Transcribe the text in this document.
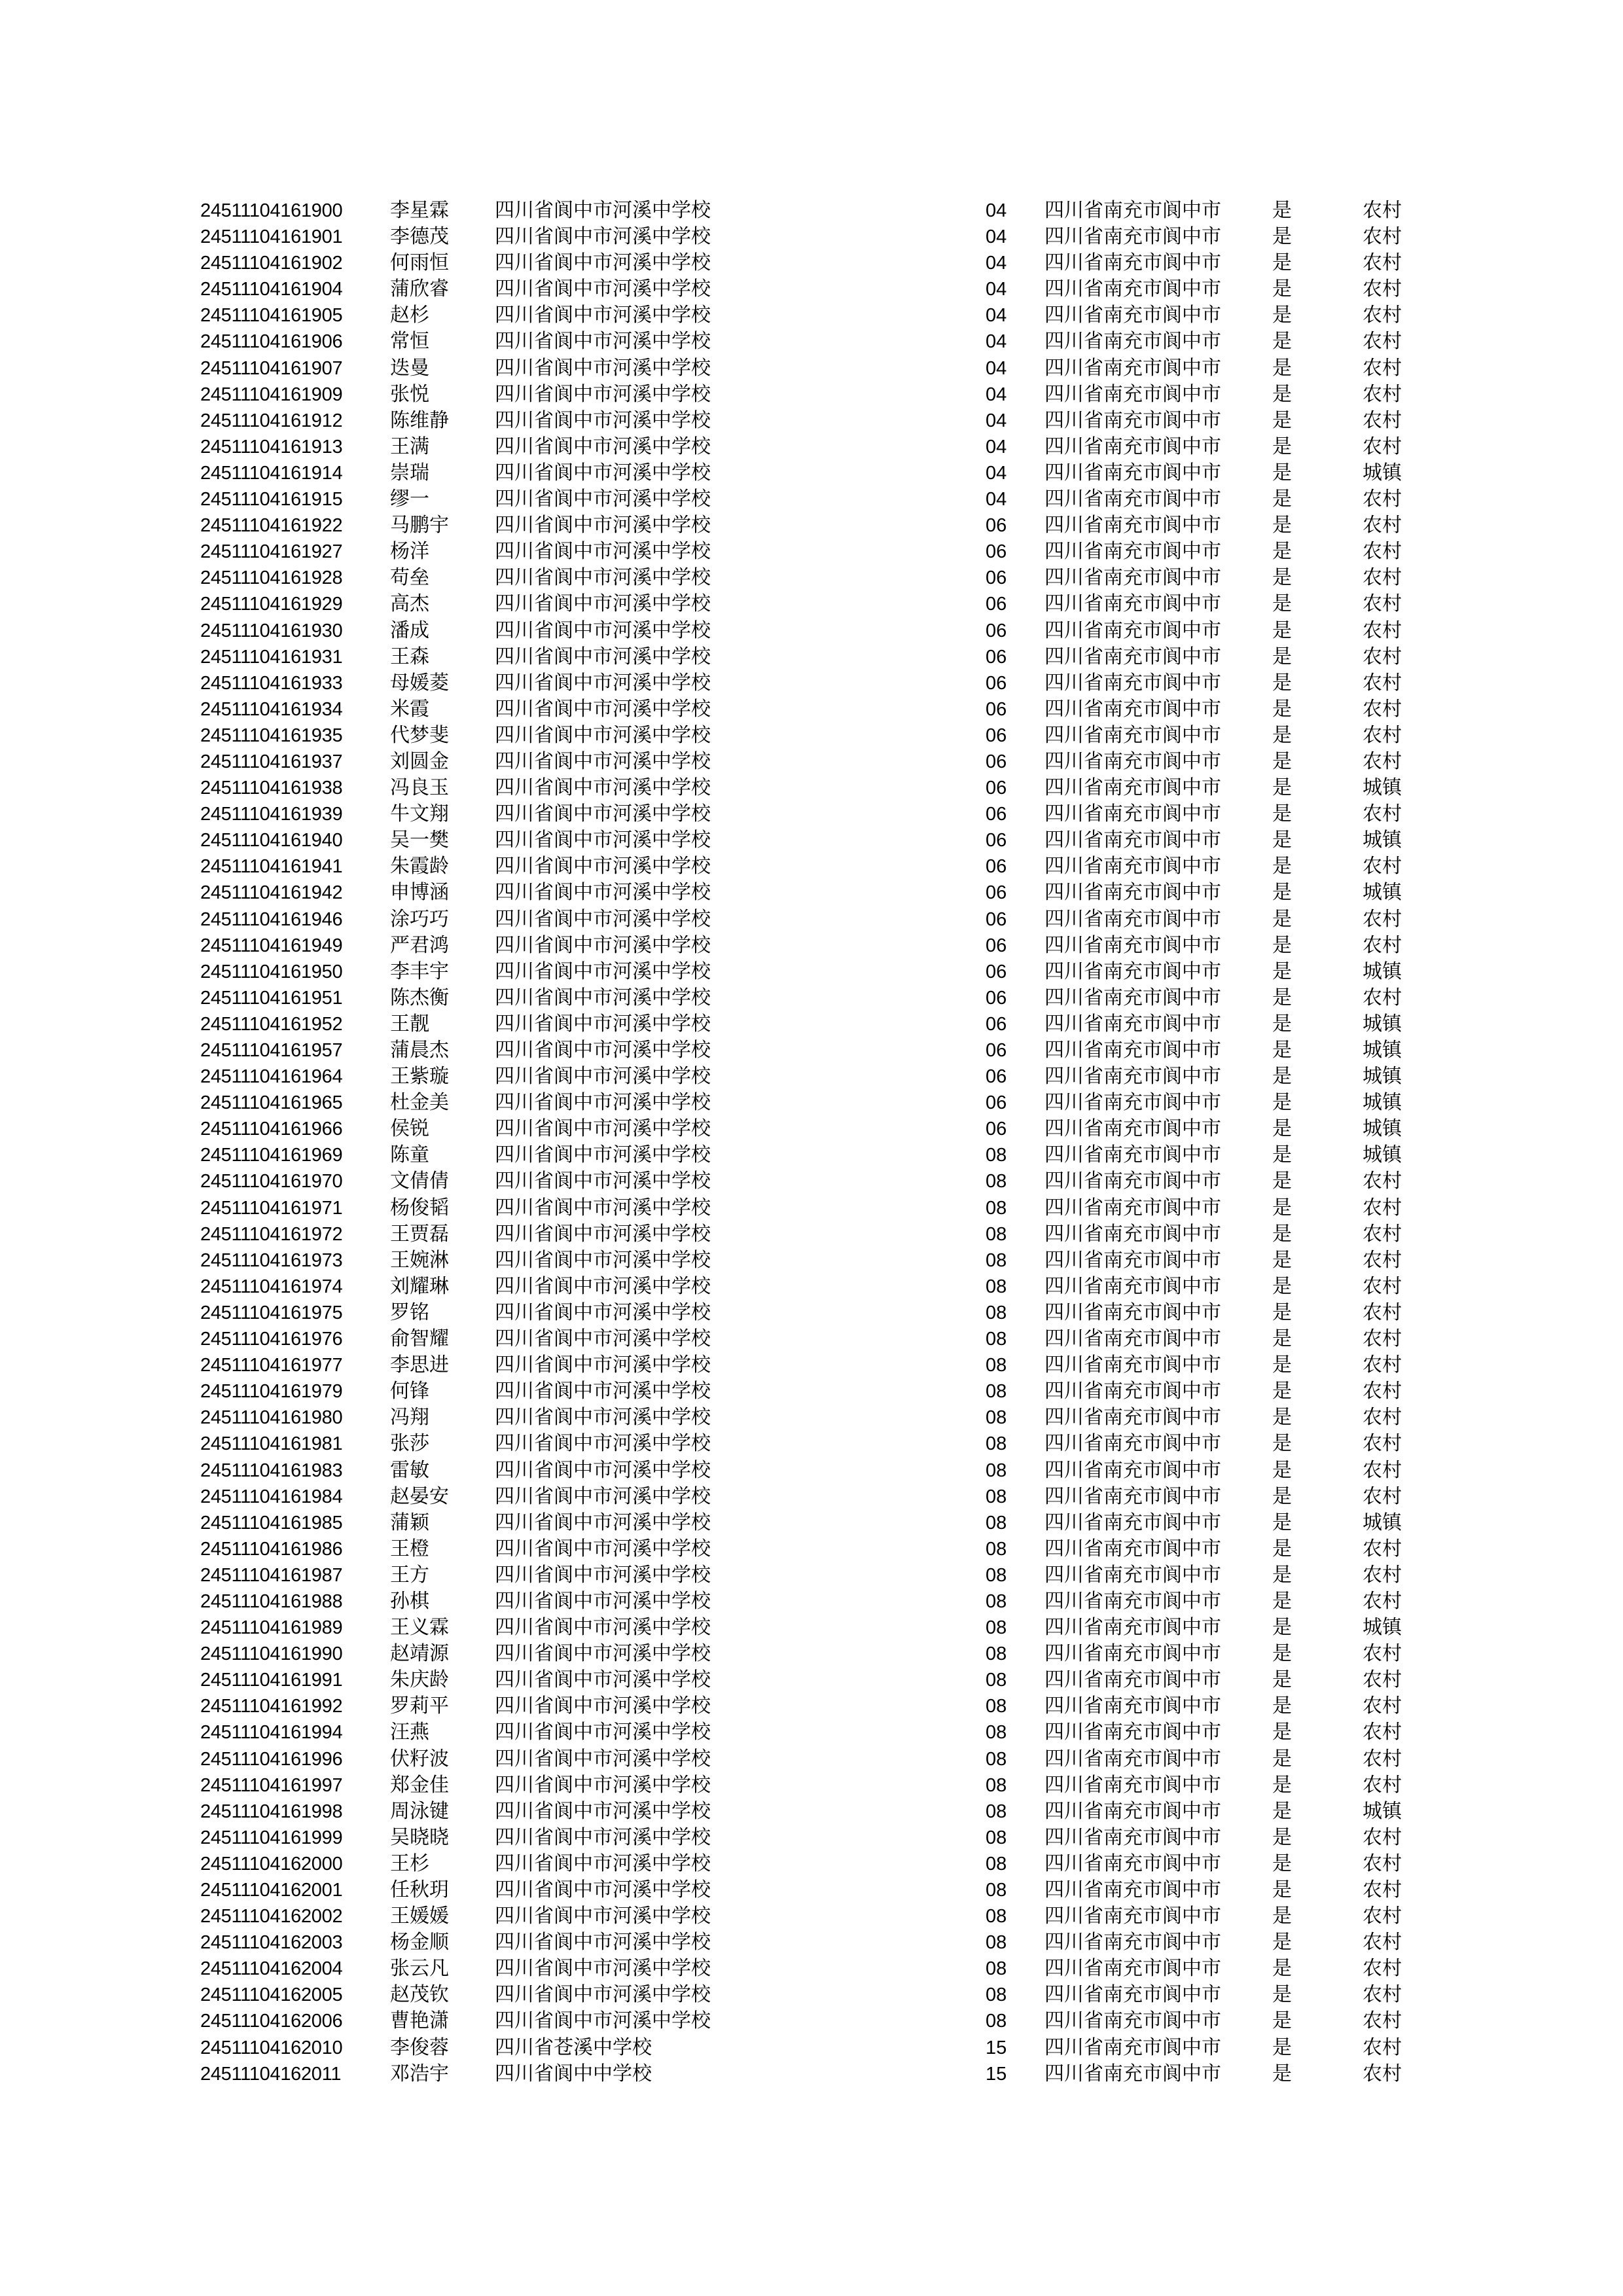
24511104161900 李星霖 四川省阆中市河溪中学校	04 四川省南充市阆中市	是	农村
24511104161901 李德茂 四川省阆中市河溪中学校	04 四川省南充市阆中市	是	农村
24511104161902 何雨恒 四川省阆中市河溪中学校	04 四川省南充市阆中市	是	农村
24511104161904 蒲欣睿 四川省阆中市河溪中学校	04 四川省南充市阆中市	是	农村
24511104161905 赵杉	四川省阆中市河溪中学校	04 四川省南充市阆中市	是	农村
24511104161906 常恒	四川省阆中市河溪中学校	04 四川省南充市阆中市	是	农村
24511104161907 迭曼	四川省阆中市河溪中学校	04 四川省南充市阆中市	是	农村
24511104161909 张悦	四川省阆中市河溪中学校	04 四川省南充市阆中市	是	农村
24511104161912 陈维静 四川省阆中市河溪中学校	04 四川省南充市阆中市	是	农村
24511104161913 王满	四川省阆中市河溪中学校	04 四川省南充市阆中市	是	农村
24511104161914 崇瑞	四川省阆中市河溪中学校	04 四川省南充市阆中市	是	城镇
24511104161915 缪一	四川省阆中市河溪中学校	04 四川省南充市阆中市	是	农村
24511104161922 马鹏宇 四川省阆中市河溪中学校	06 四川省南充市阆中市	是	农村
24511104161927 杨洋	四川省阆中市河溪中学校	06 四川省南充市阆中市	是	农村
24511104161928 苟垒	四川省阆中市河溪中学校	06 四川省南充市阆中市	是	农村
24511104161929 高杰	四川省阆中市河溪中学校	06 四川省南充市阆中市	是	农村
24511104161930 潘成	四川省阆中市河溪中学校	06 四川省南充市阆中市	是	农村
24511104161931 王森	四川省阆中市河溪中学校	06 四川省南充市阆中市	是	农村
24511104161933 母媛菱 四川省阆中市河溪中学校	06 四川省南充市阆中市	是	农村
24511104161934 米霞	四川省阆中市河溪中学校	06 四川省南充市阆中市	是	农村
24511104161935 代梦斐 四川省阆中市河溪中学校	06 四川省南充市阆中市	是	农村
24511104161937 刘圆金 四川省阆中市河溪中学校	06 四川省南充市阆中市	是	农村
24511104161938 冯良玉 四川省阆中市河溪中学校	06 四川省南充市阆中市	是	城镇
24511104161939 牛文翔 四川省阆中市河溪中学校	06 四川省南充市阆中市	是	农村
24511104161940 吴一樊 四川省阆中市河溪中学校	06 四川省南充市阆中市	是	城镇
24511104161941 朱霞龄 四川省阆中市河溪中学校	06 四川省南充市阆中市	是	农村
24511104161942 申博涵 四川省阆中市河溪中学校	06 四川省南充市阆中市	是	城镇
24511104161946 涂巧巧 四川省阆中市河溪中学校	06 四川省南充市阆中市	是	农村
24511104161949 严君鸿 四川省阆中市河溪中学校	06 四川省南充市阆中市	是	农村
24511104161950 李丰宇 四川省阆中市河溪中学校	06 四川省南充市阆中市	是	城镇
24511104161951 陈杰衡 四川省阆中市河溪中学校	06 四川省南充市阆中市	是	农村
24511104161952 王靓	四川省阆中市河溪中学校	06 四川省南充市阆中市	是	城镇
24511104161957 蒲晨杰 四川省阆中市河溪中学校	06 四川省南充市阆中市	是	城镇
24511104161964 王紫璇 四川省阆中市河溪中学校	06 四川省南充市阆中市	是	城镇
24511104161965 杜金美 四川省阆中市河溪中学校	06 四川省南充市阆中市	是	城镇
24511104161966 侯锐	四川省阆中市河溪中学校	06 四川省南充市阆中市	是	城镇
24511104161969 陈童	四川省阆中市河溪中学校	08 四川省南充市阆中市	是	城镇
24511104161970 文倩倩 四川省阆中市河溪中学校	08 四川省南充市阆中市	是	农村
24511104161971 杨俊韬 四川省阆中市河溪中学校	08 四川省南充市阆中市	是	农村
24511104161972 王贾磊 四川省阆中市河溪中学校	08 四川省南充市阆中市	是	农村
24511104161973 王婉淋 四川省阆中市河溪中学校	08 四川省南充市阆中市	是	农村
24511104161974 刘耀琳 四川省阆中市河溪中学校	08 四川省南充市阆中市	是	农村
24511104161975 罗铭	四川省阆中市河溪中学校	08 四川省南充市阆中市	是	农村
24511104161976 俞智耀 四川省阆中市河溪中学校	08 四川省南充市阆中市	是	农村
24511104161977 李思进 四川省阆中市河溪中学校	08 四川省南充市阆中市	是	农村
24511104161979 何锋	四川省阆中市河溪中学校	08 四川省南充市阆中市	是	农村
24511104161980 冯翔	四川省阆中市河溪中学校	08 四川省南充市阆中市	是	农村
24511104161981 张莎	四川省阆中市河溪中学校	08 四川省南充市阆中市	是	农村
24511104161983 雷敏	四川省阆中市河溪中学校	08 四川省南充市阆中市	是	农村
24511104161984 赵晏安 四川省阆中市河溪中学校	08 四川省南充市阆中市	是	农村
24511104161985 蒲颖	四川省阆中市河溪中学校	08 四川省南充市阆中市	是	城镇
24511104161986 王橙	四川省阆中市河溪中学校	08 四川省南充市阆中市	是	农村
24511104161987 王方	四川省阆中市河溪中学校	08 四川省南充市阆中市	是	农村
24511104161988 孙棋	四川省阆中市河溪中学校	08 四川省南充市阆中市	是	农村
24511104161989 王义霖 四川省阆中市河溪中学校	08 四川省南充市阆中市	是	城镇
24511104161990 赵靖源 四川省阆中市河溪中学校	08 四川省南充市阆中市	是	农村
24511104161991 朱庆龄 四川省阆中市河溪中学校	08 四川省南充市阆中市	是	农村
24511104161992 罗莉平 四川省阆中市河溪中学校	08 四川省南充市阆中市	是	农村
24511104161994 汪燕	四川省阆中市河溪中学校	08 四川省南充市阆中市	是	农村
24511104161996 伏籽波 四川省阆中市河溪中学校	08 四川省南充市阆中市	是	农村
24511104161997 郑金佳 四川省阆中市河溪中学校	08 四川省南充市阆中市	是	农村
24511104161998 周泳键 四川省阆中市河溪中学校	08 四川省南充市阆中市	是	城镇
24511104161999 吴晓晓 四川省阆中市河溪中学校	08 四川省南充市阆中市	是	农村
24511104162000 王杉	四川省阆中市河溪中学校	08 四川省南充市阆中市	是	农村
24511104162001 任秋玥 四川省阆中市河溪中学校	08 四川省南充市阆中市	是	农村
24511104162002 王媛媛 四川省阆中市河溪中学校	08 四川省南充市阆中市	是	农村
24511104162003 杨金顺 四川省阆中市河溪中学校	08 四川省南充市阆中市	是	农村
24511104162004 张云凡 四川省阆中市河溪中学校	08 四川省南充市阆中市	是	农村
24511104162005 赵茂钦 四川省阆中市河溪中学校	08 四川省南充市阆中市	是	农村
24511104162006 曹艳潇 四川省阆中市河溪中学校	08 四川省南充市阆中市	是	农村
24511104162010 李俊蓉 四川省苍溪中学校	15 四川省南充市阆中市	是	农村
24511104162011 邓浩宇 四川省阆中中学校	15 四川省南充市阆中市	是	农村
